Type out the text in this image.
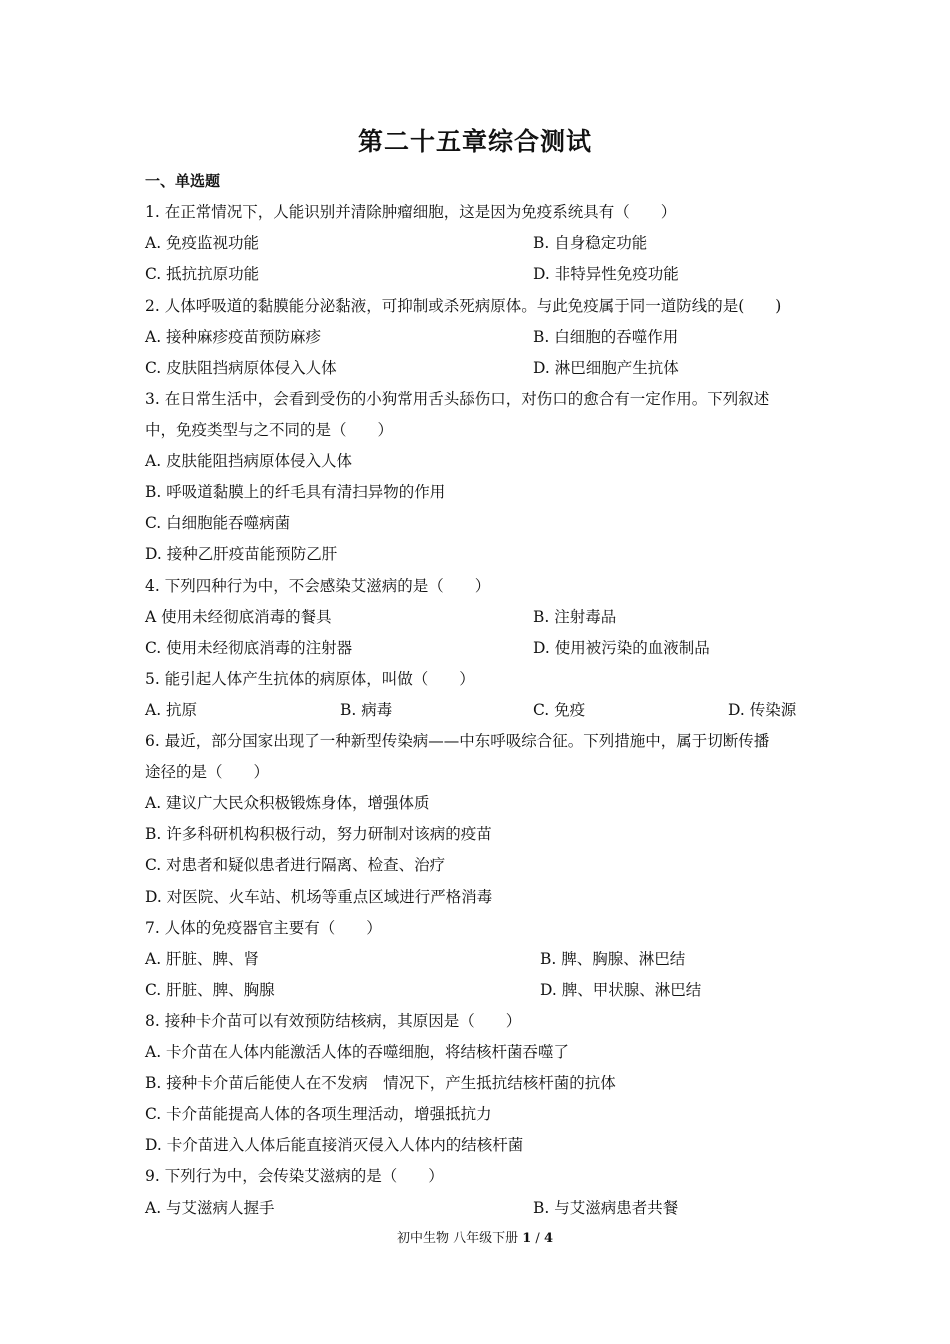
第二十五章综合测试
一、单选题
1. 在正常情况下，人能识别并清除肿瘤细胞，这是因为免疫系统具有（　　）
A. 免疫监视功能	B. 自身稳定功能
C. 抵抗抗原功能	D. 非特异性免疫功能
2. 人体呼吸道的黏膜能分泌黏液，可抑制或杀死病原体。与此免疫属于同一道防线的是(　　)
A. 接种麻疹疫苗预防麻疹	B. 白细胞的吞噬作用
C. 皮肤阻挡病原体侵入人体	D. 淋巴细胞产生抗体
3. 在日常生活中，会看到受伤的小狗常用舌头舔伤口，对伤口的愈合有一定作用。下列叙述
中，免疫类型与之不同的是（　　）
A. 皮肤能阻挡病原体侵入人体
B. 呼吸道黏膜上的纤毛具有清扫异物的作用
C. 白细胞能吞噬病菌
D. 接种乙肝疫苗能预防乙肝
4. 下列四种行为中，不会感染艾滋病的是（　　）
A 使用未经彻底消毒的餐具	B. 注射毒品
C. 使用未经彻底消毒的注射器	D. 使用被污染的血液制品
5. 能引起人体产生抗体的病原体，叫做（　　）
A. 抗原	B. 病毒	C. 免疫	D. 传染源
6. 最近，部分国家出现了一种新型传染病——中东呼吸综合征。下列措施中，属于切断传播
途径的是（　　）
A. 建议广大民众积极锻炼身体，增强体质
B. 许多科研机构积极行动，努力研制对该病的疫苗
C. 对患者和疑似患者进行隔离、检查、治疗
D. 对医院、火车站、机场等重点区域进行严格消毒
7. 人体的免疫器官主要有（　　）
A. 肝脏、脾、肾	B. 脾、胸腺、淋巴结
C. 肝脏、脾、胸腺	D. 脾、甲状腺、淋巴结
8. 接种卡介苗可以有效预防结核病，其原因是（　　）
A. 卡介苗在人体内能激活人体的吞噬细胞，将结核杆菌吞噬了
B. 接种卡介苗后能使人在不发病　情况下，产生抵抗结核杆菌的抗体
C. 卡介苗能提高人体的各项生理活动，增强抵抗力
D. 卡介苗进入人体后能直接消灭侵入人体内的结核杆菌
9. 下列行为中，会传染艾滋病的是（　　）
A. 与艾滋病人握手	B. 与艾滋病患者共餐
初中生物 八年级下册 1 / 4
